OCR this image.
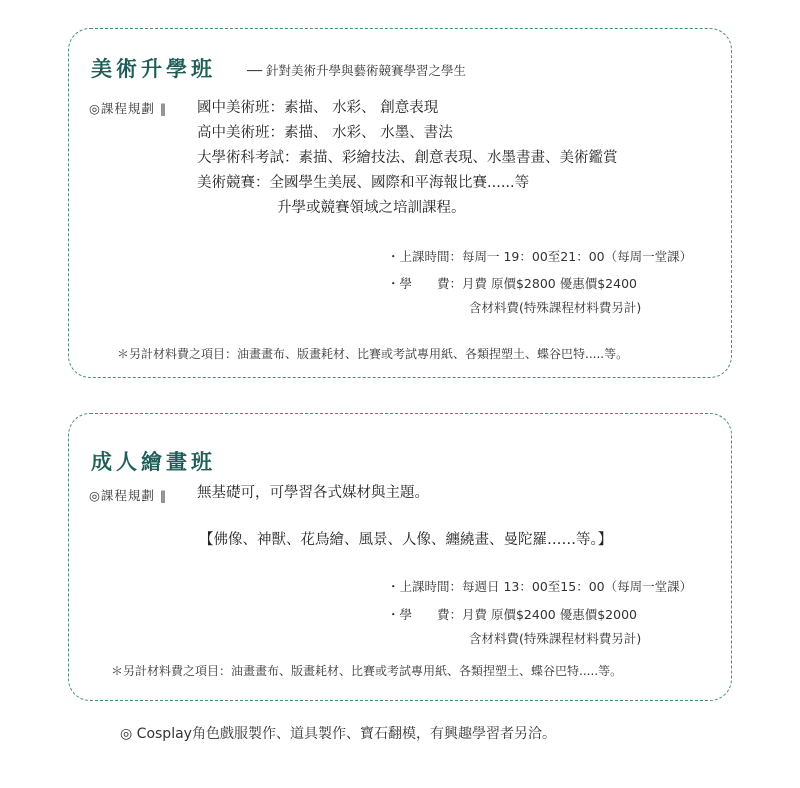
美術升學班 ── 針對美術升學與藝術競賽學習之學生
◎課程規劃 ‖ 國中美術班：素描、 水彩、 創意表現
高中美術班：素描、 水彩、 水墨、書法
大學術科考試：素描、彩繪技法、創意表現、水墨書畫、美術鑑賞
美術競賽：全國學生美展、國際和平海報比賽......等
升學或競賽領域之培訓課程。
・上課時間：每周一 19：00至21：00（每周一堂課）
・學　　費：月費 原價$2800 優惠價$2400
含材料費(特殊課程材料費另計)
＊另計材料費之項目：油畫畫布、版畫耗材、比賽或考試專用紙、各類捏塑土、蝶谷巴特.....等。
成人繪畫班
◎課程規劃 ‖ 無基礎可，可學習各式媒材與主題。
【佛像、神獸、花鳥繪、風景、人像、纏繞畫、曼陀羅……等。】
・上課時間：每週日 13：00至15：00（每周一堂課）
・學　　費：月費 原價$2400 優惠價$2000
含材料費(特殊課程材料費另計)
＊另計材料費之項目：油畫畫布、版畫耗材、比賽或考試專用紙、各類捏塑土、蝶谷巴特.....等。
◎ Cosplay角色戲服製作、道具製作、寶石翻模，有興趣學習者另洽。
